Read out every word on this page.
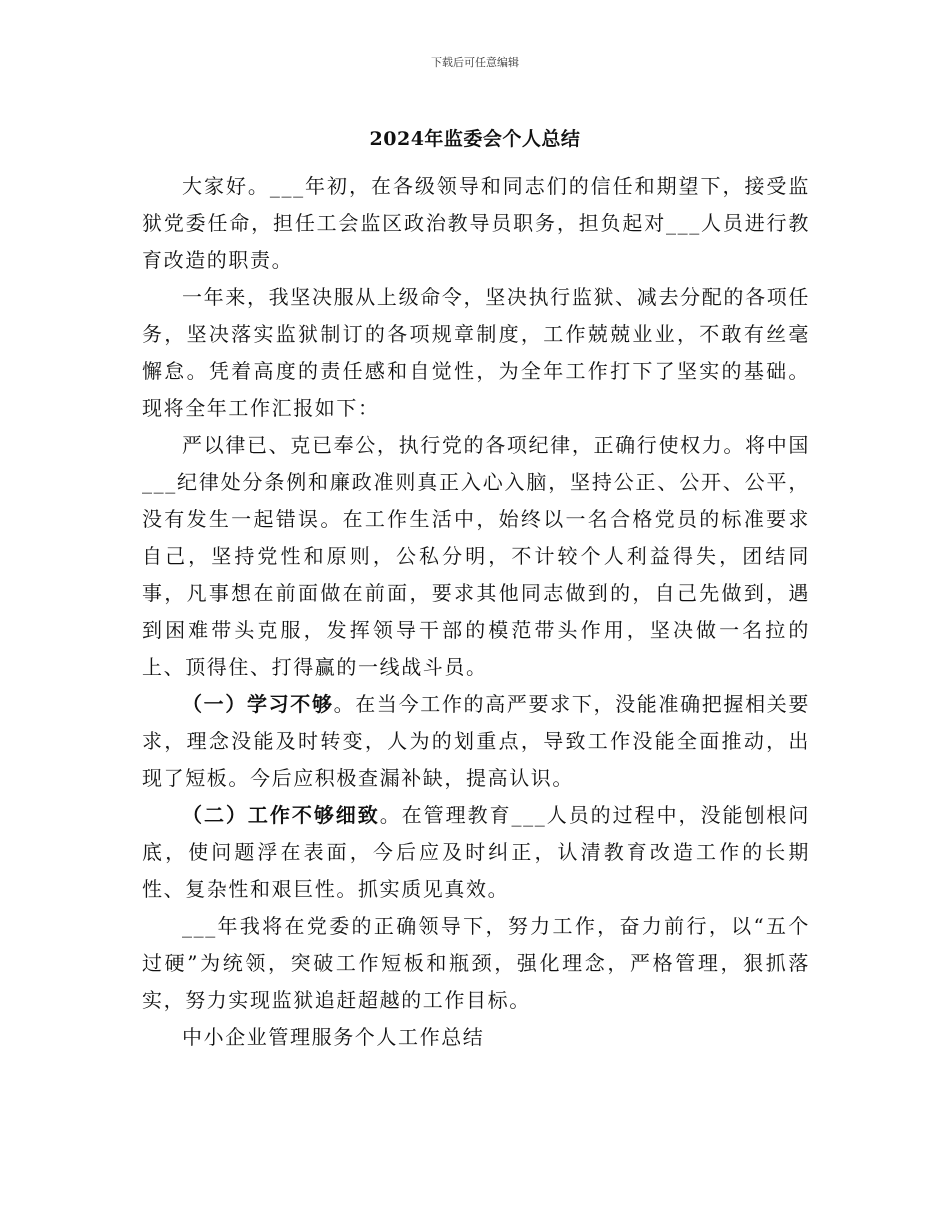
下载后可任意编辑
2024年监委会个人总结

大家好。___年初，在各级领导和同志们的信任和期望下，接受监狱党委任命，担任工会监区政治教导员职务，担负起对___人员进行教育改造的职责。

一年来，我坚决服从上级命令，坚决执行监狱、减去分配的各项任务，坚决落实监狱制订的各项规章制度，工作兢兢业业，不敢有丝毫懈怠。凭着高度的责任感和自觉性，为全年工作打下了坚实的基础。现将全年工作汇报如下：

严以律已、克已奉公，执行党的各项纪律，正确行使权力。将中国___纪律处分条例和廉政准则真正入心入脑，坚持公正、公开、公平，没有发生一起错误。在工作生活中，始终以一名合格党员的标准要求自己，坚持党性和原则，公私分明，不计较个人利益得失，团结同事，凡事想在前面做在前面，要求其他同志做到的，自己先做到，遇到困难带头克服，发挥领导干部的模范带头作用，坚决做一名拉的上、顶得住、打得赢的一线战斗员。

（一）学习不够。在当今工作的高严要求下，没能准确把握相关要求，理念没能及时转变，人为的划重点，导致工作没能全面推动，出现了短板。今后应积极查漏补缺，提高认识。

（二）工作不够细致。在管理教育___人员的过程中，没能刨根问底，使问题浮在表面，今后应及时纠正，认清教育改造工作的长期性、复杂性和艰巨性。抓实质见真效。

___年我将在党委的正确领导下，努力工作，奋力前行，以“五个过硬”为统领，突破工作短板和瓶颈，强化理念，严格管理，狠抓落实，努力实现监狱追赶超越的工作目标。

中小企业管理服务个人工作总结
